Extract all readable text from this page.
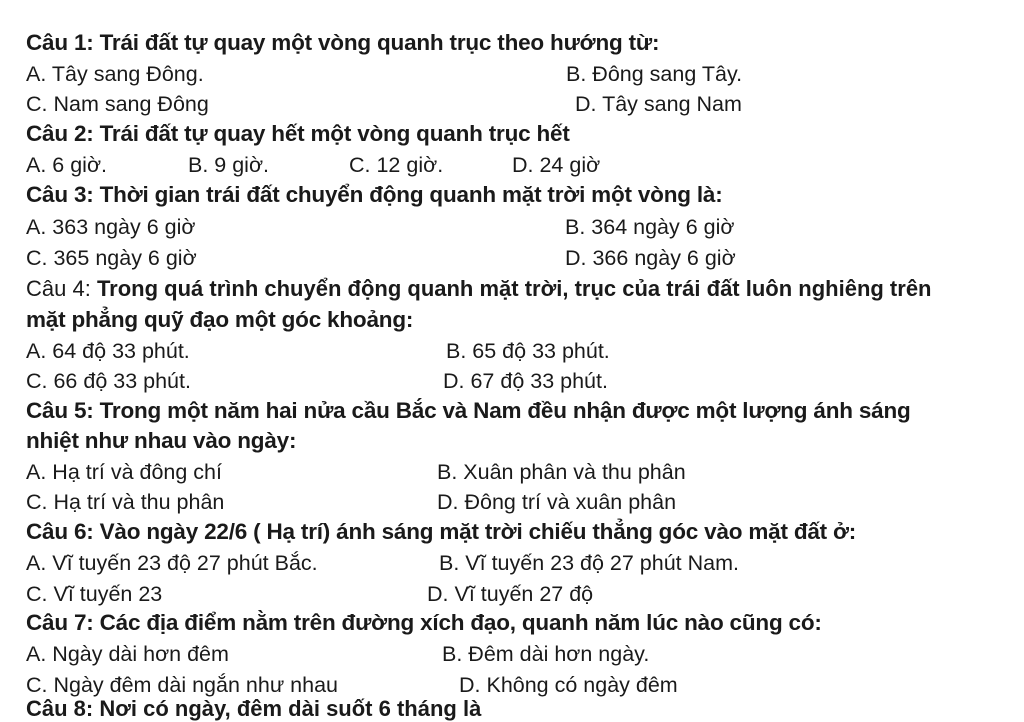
Câu 1: Trái đất tự quay một vòng quanh trục theo hướng từ:
A. Tây sang Đông.	B. Đông sang Tây.
C. Nam sang Đông	D. Tây sang Nam
Câu 2: Trái đất tự quay hết một vòng quanh trục hết
A. 6 giờ.	B. 9 giờ.	C. 12 giờ.	D. 24 giờ
Câu 3: Thời gian trái đất chuyển động quanh mặt trời một vòng là:
A. 363 ngày 6 giờ	B. 364 ngày 6 giờ
C. 365 ngày 6 giờ	D. 366 ngày 6 giờ
Câu 4: Trong quá trình chuyển động quanh mặt trời, trục của trái đất luôn nghiêng trên
mặt phẳng quỹ đạo một góc khoảng:
A. 64 độ 33 phút.	B. 65 độ 33 phút.
C. 66 độ 33 phút.	D. 67 độ 33 phút.
Câu 5: Trong một năm hai nửa cầu Bắc và Nam đều nhận được một lượng ánh sáng
nhiệt như nhau vào ngày:
A. Hạ trí và đông chí	B. Xuân phân và thu phân
C. Hạ trí và thu phân	D. Đông trí và xuân phân
Câu 6: Vào ngày 22/6 ( Hạ trí) ánh sáng mặt trời chiếu thẳng góc vào mặt đất ở:
A. Vĩ tuyến 23 độ 27 phút Bắc.	B. Vĩ tuyến 23 độ 27 phút Nam.
C. Vĩ tuyến 23	D. Vĩ tuyến 27 độ
Câu 7: Các địa điểm nằm trên đường xích đạo, quanh năm lúc nào cũng có:
A. Ngày dài hơn đêm	B. Đêm dài hơn ngày.
C. Ngày đêm dài ngắn như nhau	D. Không có ngày đêm
Câu 8: Nơi có ngày, đêm dài suốt 6 tháng là
